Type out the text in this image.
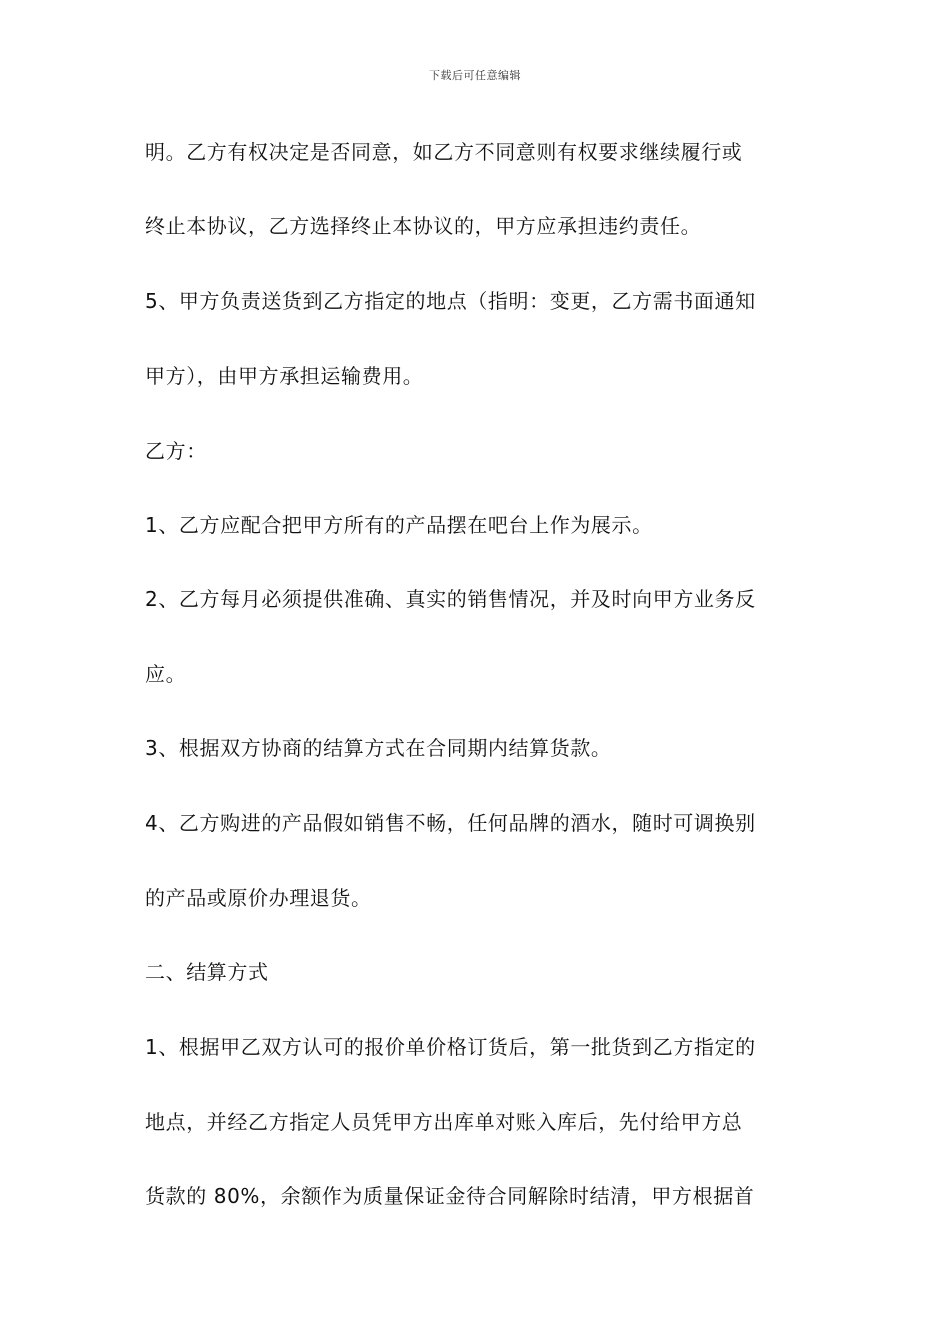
下载后可任意编辑
明。乙方有权决定是否同意，如乙方不同意则有权要求继续履行或
终止本协议，乙方选择终止本协议的，甲方应承担违约责任。
5、甲方负责送货到乙方指定的地点（指明：变更，乙方需书面通知
甲方），由甲方承担运输费用。
乙方：
1、乙方应配合把甲方所有的产品摆在吧台上作为展示。
2、乙方每月必须提供准确、真实的销售情况，并及时向甲方业务反
应。
3、根据双方协商的结算方式在合同期内结算货款。
4、乙方购进的产品假如销售不畅，任何品牌的酒水，随时可调换别
的产品或原价办理退货。
二、结算方式
1、根据甲乙双方认可的报价单价格订货后，第一批货到乙方指定的
地点，并经乙方指定人员凭甲方出库单对账入库后，先付给甲方总
货款的 80%，余额作为质量保证金待合同解除时结清，甲方根据首
